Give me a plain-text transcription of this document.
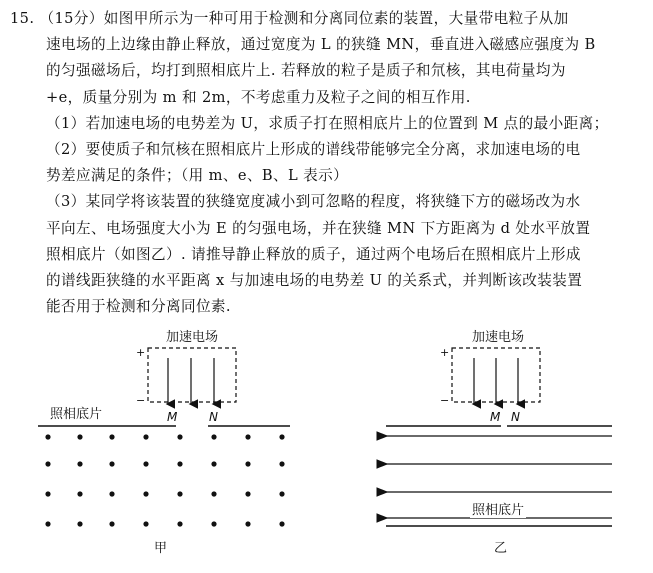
15. （15分）如图甲所示为一种可用于检测和分离同位素的装置，大量带电粒子从加
速电场的上边缘由静止释放，通过宽度为 L 的狭缝 MN，垂直进入磁感应强度为 B
的匀强磁场后，均打到照相底片上. 若释放的粒子是质子和氘核，其电荷量均为
+e，质量分别为 m 和 2m，不考虑重力及粒子之间的相互作用.
（1）若加速电场的电势差为 U，求质子打在照相底片上的位置到 M 点的最小距离；
（2）要使质子和氘核在照相底片上形成的谱线带能够完全分离，求加速电场的电
势差应满足的条件；（用 m、e、B、L 表示）
（3）某同学将该装置的狭缝宽度减小到可忽略的程度，将狭缝下方的磁场改为水
平向左、电场强度大小为 E 的匀强电场，并在狭缝 MN 下方距离为 d 处水平放置
照相底片（如图乙）. 请推导静止释放的质子，通过两个电场后在照相底片上形成
的谱线距狭缝的水平距离 x 与加速电场的电势差 U 的关系式，并判断该改装装置
能否用于检测和分离同位素.
加速电场
+
−
照相底片	M	N
甲
加速电场
+
−
M N
照相底片
乙
